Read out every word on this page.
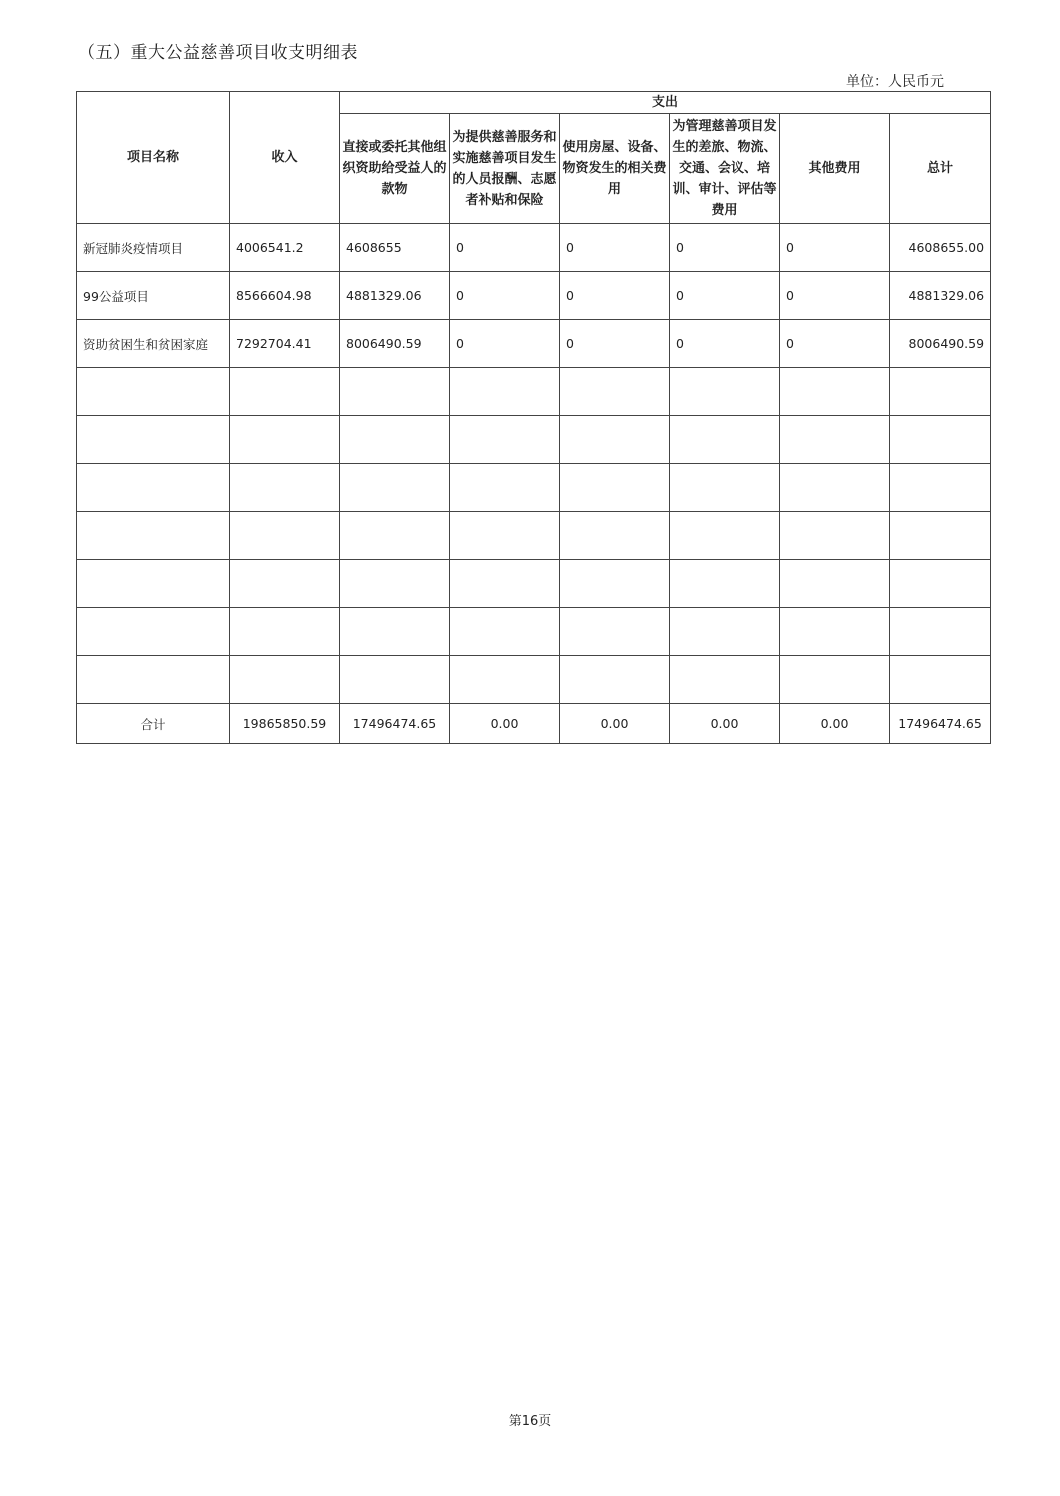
（五）重大公益慈善项目收支明细表
单位：人民币元
项目名称	收入	支出					
		直接或委托其他组织资助给受益人的款物	为提供慈善服务和实施慈善项目发生的人员报酬、志愿者补贴和保险	使用房屋、设备、物资发生的相关费用	为管理慈善项目发生的差旅、物流、交通、会议、培训、审计、评估等费用	其他费用	总计
新冠肺炎疫情项目	4006541.2	4608655	0	0	0	0	4608655.00
99公益项目	8566604.98	4881329.06	0	0	0	0	4881329.06
资助贫困生和贫困家庭	7292704.41	8006490.59	0	0	0	0	8006490.59

合计	19865850.59	17496474.65	0.00	0.00	0.00	0.00	17496474.65
第16页
